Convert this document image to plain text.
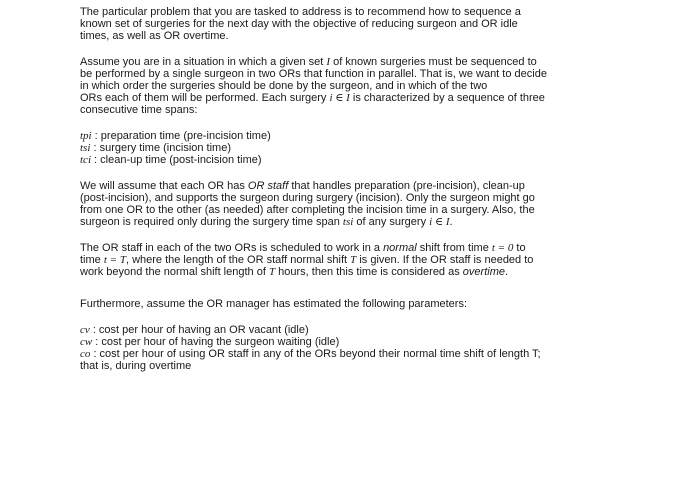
The particular problem that you are tasked to address is to recommend how to sequence a
known set of surgeries for the next day with the objective of reducing surgeon and OR idle
times, as well as OR overtime.
Assume you are in a situation in which a given set I of known surgeries must be sequenced to
be performed by a single surgeon in two ORs that function in parallel. That is, we want to decide
in which order the surgeries should be done by the surgeon, and in which of the two
ORs each of them will be performed. Each surgery i ∈ I is characterized by a sequence of three
consecutive time spans:
tpi : preparation time (pre-incision time)
tsi : surgery time (incision time)
tci : clean-up time (post-incision time)
We will assume that each OR has OR staff that handles preparation (pre-incision), clean-up
(post-incision), and supports the surgeon during surgery (incision). Only the surgeon might go
from one OR to the other (as needed) after completing the incision time in a surgery. Also, the
surgeon is required only during the surgery time span tsi of any surgery i ∈ I.
The OR staff in each of the two ORs is scheduled to work in a normal shift from time t = 0 to
time t = T, where the length of the OR staff normal shift T is given. If the OR staff is needed to
work beyond the normal shift length of T hours, then this time is considered as overtime.
Furthermore, assume the OR manager has estimated the following parameters:
cv : cost per hour of having an OR vacant (idle)
cw : cost per hour of having the surgeon waiting (idle)
co : cost per hour of using OR staff in any of the ORs beyond their normal time shift of length T;
that is, during overtime
